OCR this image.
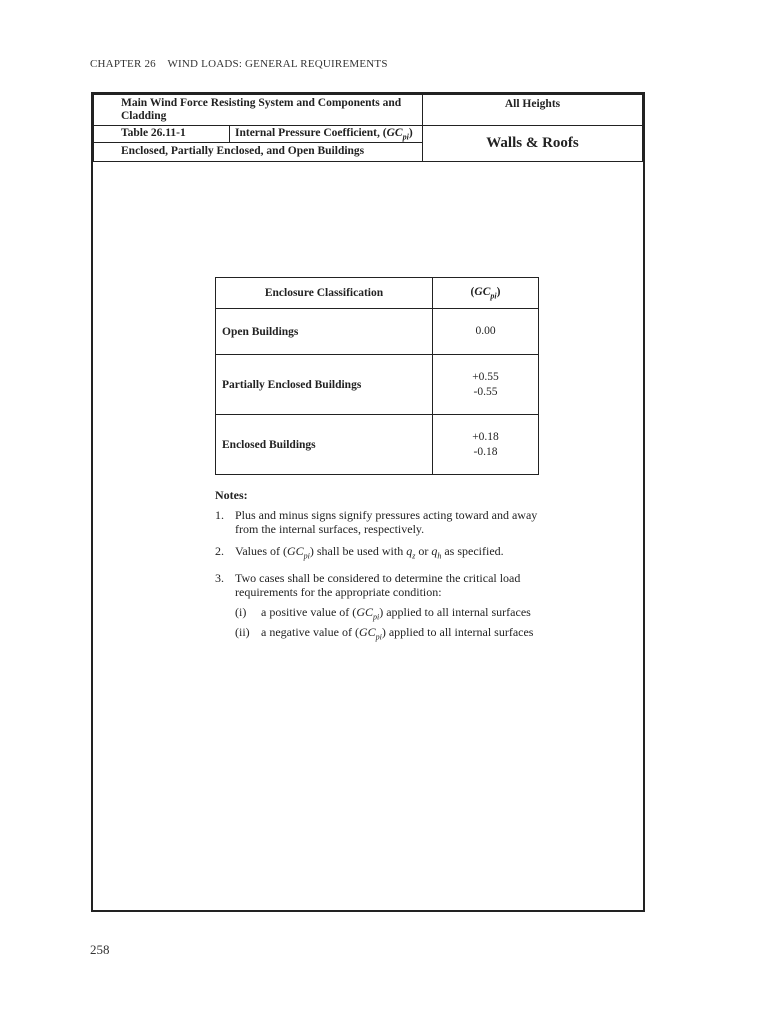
CHAPTER 26    WIND LOADS: GENERAL REQUIREMENTS
Main Wind Force Resisting System and Components and Cladding
All Heights
Table 26.11-1	Internal Pressure Coefficient, $(GC_{pi})$
Walls & Roofs
Enclosed, Partially Enclosed, and Open Buildings
Enclosure Classification	$(GC_{pi})$
Open Buildings	0.00

Partially Enclosed Buildings	+0.55
-0.55

Enclosed Buildings	+0.18
-0.18
Notes:
1. Plus and minus signs signify pressures acting toward and away from the internal surfaces, respectively.
2. Values of $(GC_{pi})$ shall be used with $q_z$ or $q_h$ as specified.
3. Two cases shall be considered to determine the critical load requirements for the appropriate condition:
(i)	a positive value of $(GC_{pi})$ applied to all internal surfaces
(ii) a negative value of $(GC_{pi})$ applied to all internal surfaces
258
